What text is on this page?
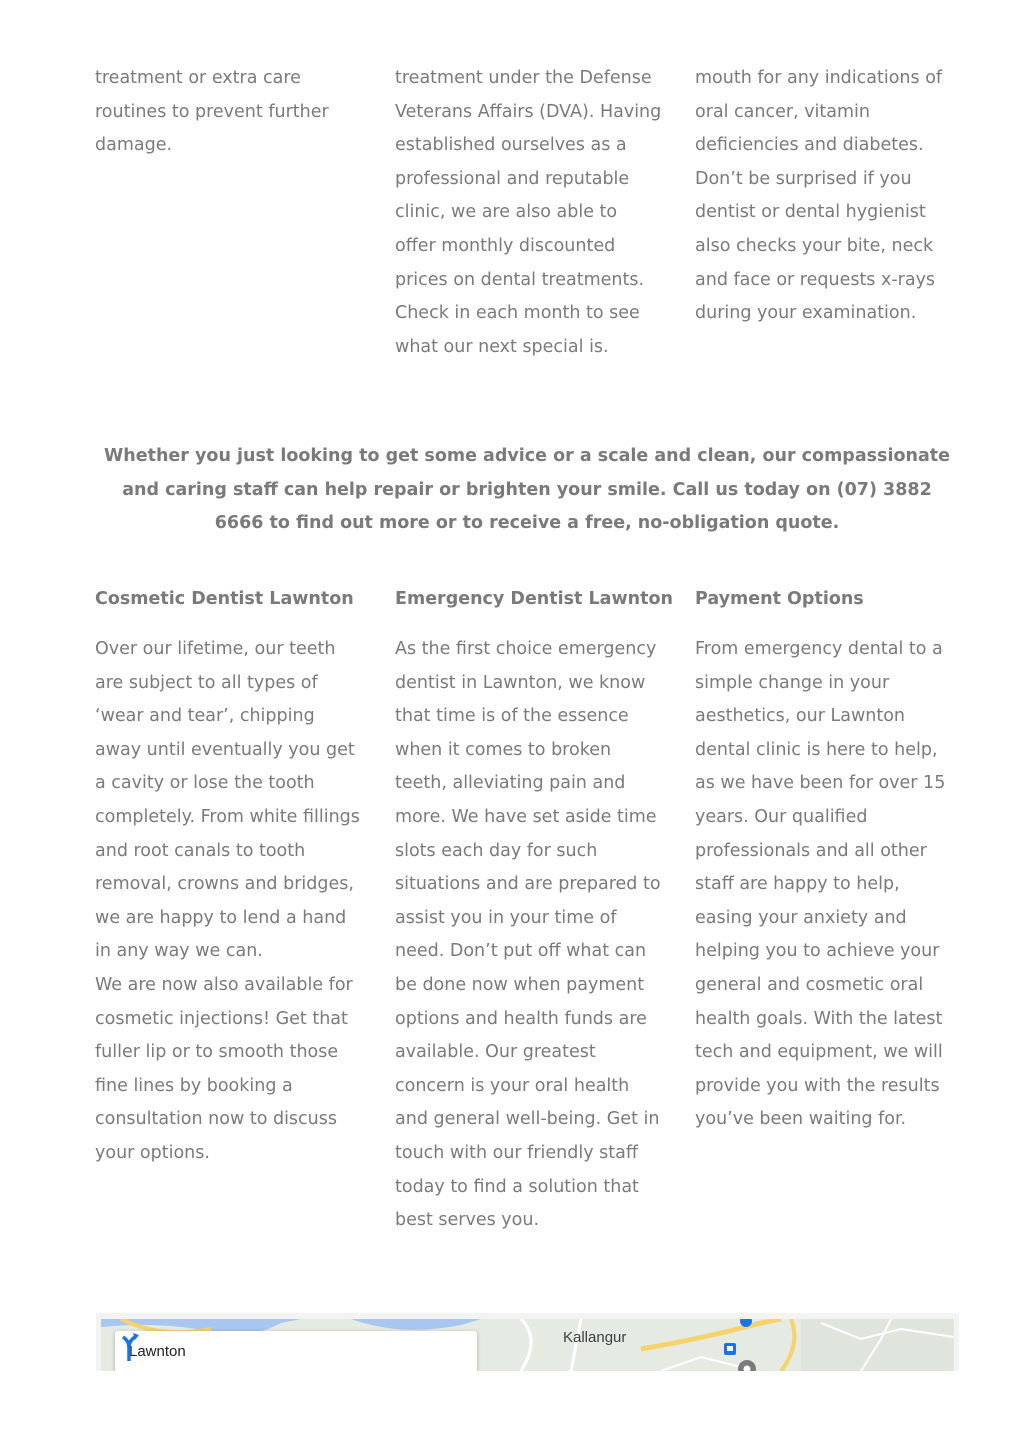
treatment or extra care routines to prevent further damage.

treatment under the Defense Veterans Affairs (DVA). Having established ourselves as a professional and reputable clinic, we are also able to offer monthly discounted prices on dental treatments. Check in each month to see what our next special is.

mouth for any indications of oral cancer, vitamin deficiencies and diabetes. Don’t be surprised if you dentist or dental hygienist also checks your bite, neck and face or requests x-rays during your examination.

Whether you just looking to get some advice or a scale and clean, our compassionate and caring staff can help repair or brighten your smile. Call us today on (07) 3882 6666 to find out more or to receive a free, no-obligation quote.
Cosmetic Dentist Lawnton	Emergency Dentist Lawnton Payment Options

Over our lifetime, our teeth are subject to all types of ‘wear and tear’, chipping away until eventually you get a cavity or lose the tooth completely. From white fillings and root canals to tooth removal, crowns and bridges, we are happy to lend a hand in any way we can.

We are now also available for cosmetic injections! Get that fuller lip or to smooth those fine lines by booking a consultation now to discuss your options.

As the first choice emergency dentist in Lawnton, we know that time is of the essence when it comes to broken teeth, alleviating pain and more. We have set aside time slots each day for such situations and are prepared to assist you in your time of need. Don’t put off what can be done now when payment options and health funds are available. Our greatest concern is your oral health and general well-being. Get in touch with our friendly staff today to find a solution that best serves you.

From emergency dental to a simple change in your aesthetics, our Lawnton dental clinic is here to help, as we have been for over 15 years. Our qualified professionals and all other staff are happy to help, easing your anxiety and helping you to achieve your general and cosmetic oral health goals. With the latest tech and equipment, we will provide you with the results you’ve been waiting for.

Lawnton
Kallangur
